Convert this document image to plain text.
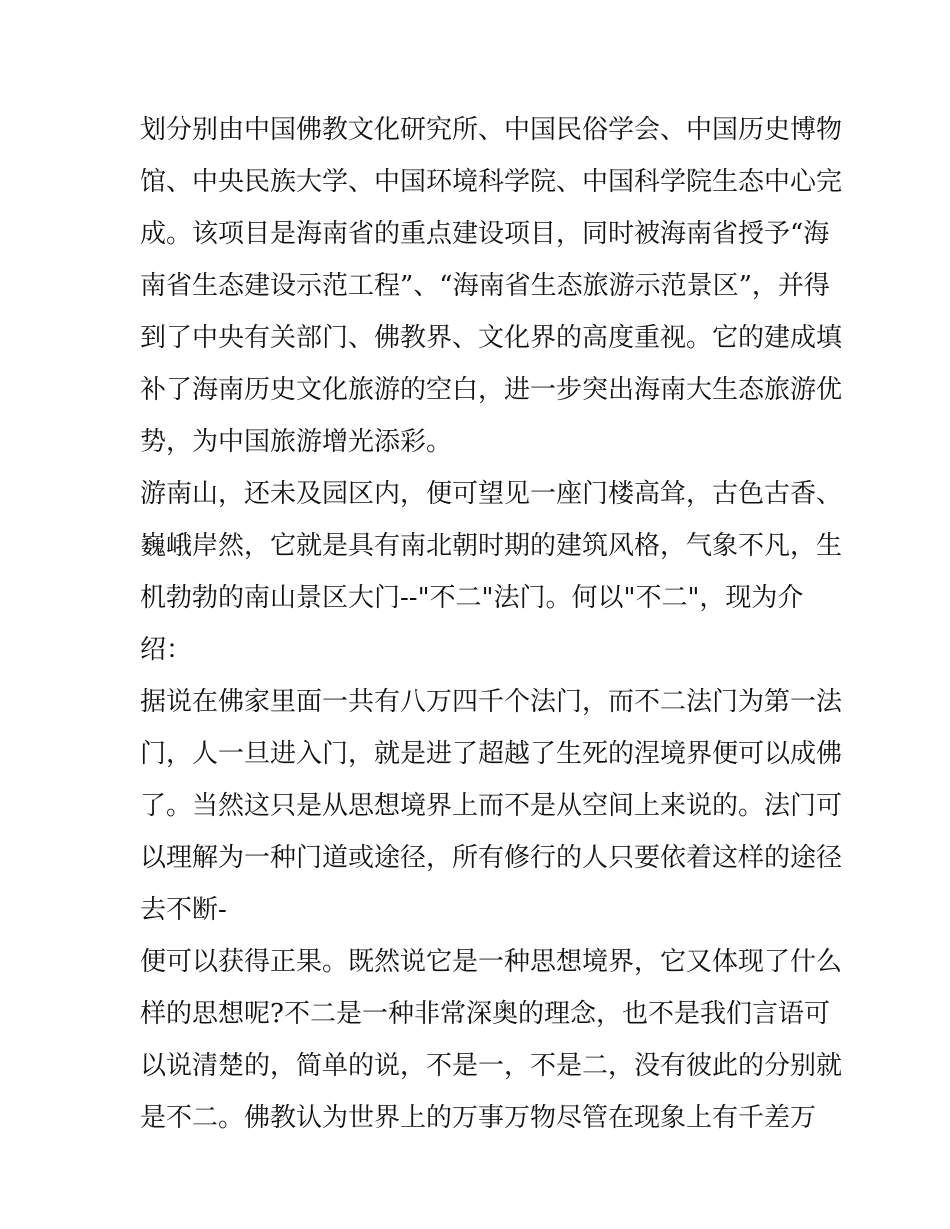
划分别由中国佛教文化研究所、中国民俗学会、中国历史博物
馆、中央民族大学、中国环境科学院、中国科学院生态中心完
成。该项目是海南省的重点建设项目，同时被海南省授予“海
南省生态建设示范工程”、“海南省生态旅游示范景区”，并得
到了中央有关部门、佛教界、文化界的高度重视。它的建成填
补了海南历史文化旅游的空白，进一步突出海南大生态旅游优
势，为中国旅游增光添彩。
游南山，还未及园区内，便可望见一座门楼高耸，古色古香、
巍峨岸然，它就是具有南北朝时期的建筑风格，气象不凡，生
机勃勃的南山景区大门--"不二"法门。何以"不二"，现为介
绍：
据说在佛家里面一共有八万四千个法门，而不二法门为第一法
门，人一旦进入门，就是进了超越了生死的涅境界便可以成佛
了。当然这只是从思想境界上而不是从空间上来说的。法门可
以理解为一种门道或途径，所有修行的人只要依着这样的途径
去不断-
便可以获得正果。既然说它是一种思想境界，它又体现了什么
样的思想呢?不二是一种非常深奥的理念，也不是我们言语可
以说清楚的，简单的说，不是一，不是二，没有彼此的分别就
是不二。佛教认为世界上的万事万物尽管在现象上有千差万
